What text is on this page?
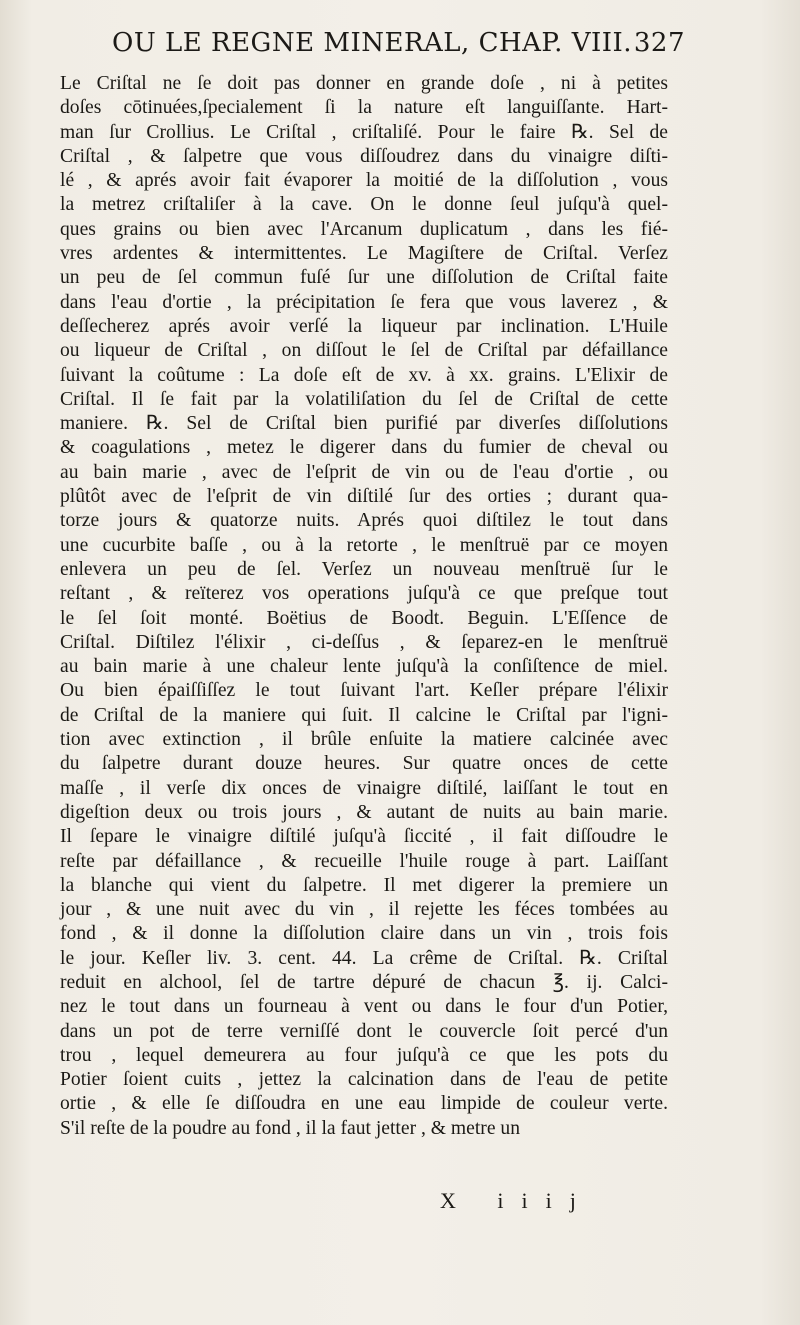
OU LE REGNE MINERAL, CHAP. VIII. 327
Le Criſtal ne ſe doit pas donner en grande doſe , ni à petites
doſes cōtinuées,ſpecialement ſi la nature eſt languiſſante. Hart-
man ſur Crollius. Le Criſtal , criſtaliſé. Pour le faire ℞. Sel de
Criſtal , & ſalpetre que vous diſſoudrez dans du vinaigre diſti-
lé , & aprés avoir fait évaporer la moitié de la diſſolution , vous
la metrez criſtaliſer à la cave. On le donne ſeul juſqu'à quel-
ques grains ou bien avec l'Arcanum duplicatum , dans les fié-
vres ardentes & intermittentes. Le Magiſtere de Criſtal. Verſez
un peu de ſel commun fuſé ſur une diſſolution de Criſtal faite
dans l'eau d'ortie , la précipitation ſe fera que vous laverez , &
deſſecherez aprés avoir verſé la liqueur par inclination. L'Huile
ou liqueur de Criſtal , on diſſout le ſel de Criſtal par défaillance
ſuivant la coûtume : La doſe eſt de xv. à xx. grains. L'Elixir de
Criſtal. Il ſe fait par la volatiliſation du ſel de Criſtal de cette
maniere. ℞. Sel de Criſtal bien purifié par diverſes diſſolutions
& coagulations , metez le digerer dans du fumier de cheval ou
au bain marie , avec de l'eſprit de vin ou de l'eau d'ortie , ou
plûtôt avec de l'eſprit de vin diſtilé ſur des orties ; durant qua-
torze jours & quatorze nuits. Aprés quoi diſtilez le tout dans
une cucurbite baſſe , ou à la retorte , le menſtruë par ce moyen
enlevera un peu de ſel. Verſez un nouveau menſtruë ſur le
reſtant , & reïterez vos operations juſqu'à ce que preſque tout
le ſel ſoit monté. Boëtius de Boodt. Beguin. L'Eſſence de
Criſtal. Diſtilez l'élixir , ci-deſſus , & ſeparez-en le menſtruë
au bain marie à une chaleur lente juſqu'à la conſiſtence de miel.
Ou bien épaiſſiſſez le tout ſuivant l'art. Keſler prépare l'élixir
de Criſtal de la maniere qui ſuit. Il calcine le Criſtal par l'igni-
tion avec extinction , il brûle enſuite la matiere calcinée avec
du ſalpetre durant douze heures. Sur quatre onces de cette
maſſe , il verſe dix onces de vinaigre diſtilé, laiſſant le tout en
digeſtion deux ou trois jours , & autant de nuits au bain marie.
Il ſepare le vinaigre diſtilé juſqu'à ſiccité , il fait diſſoudre le
reſte par défaillance , & recueille l'huile rouge à part. Laiſſant
la blanche qui vient du ſalpetre. Il met digerer la premiere un
jour , & une nuit avec du vin , il rejette les féces tombées au
fond , & il donne la diſſolution claire dans un vin , trois fois
le jour. Keſler liv. 3. cent. 44. La crême de Criſtal. ℞. Criſtal
reduit en alchool, ſel de tartre dépuré de chacun ℥. ij. Calci-
nez le tout dans un fourneau à vent ou dans le four d'un Potier,
dans un pot de terre verniſſé dont le couvercle ſoit percé d'un
trou , lequel demeurera au four juſqu'à ce que les pots du
Potier ſoient cuits , jettez la calcination dans de l'eau de petite
ortie , & elle ſe diſſoudra en une eau limpide de couleur verte.
S'il reſte de la poudre au fond , il la faut jetter , & metre un
X iiij
